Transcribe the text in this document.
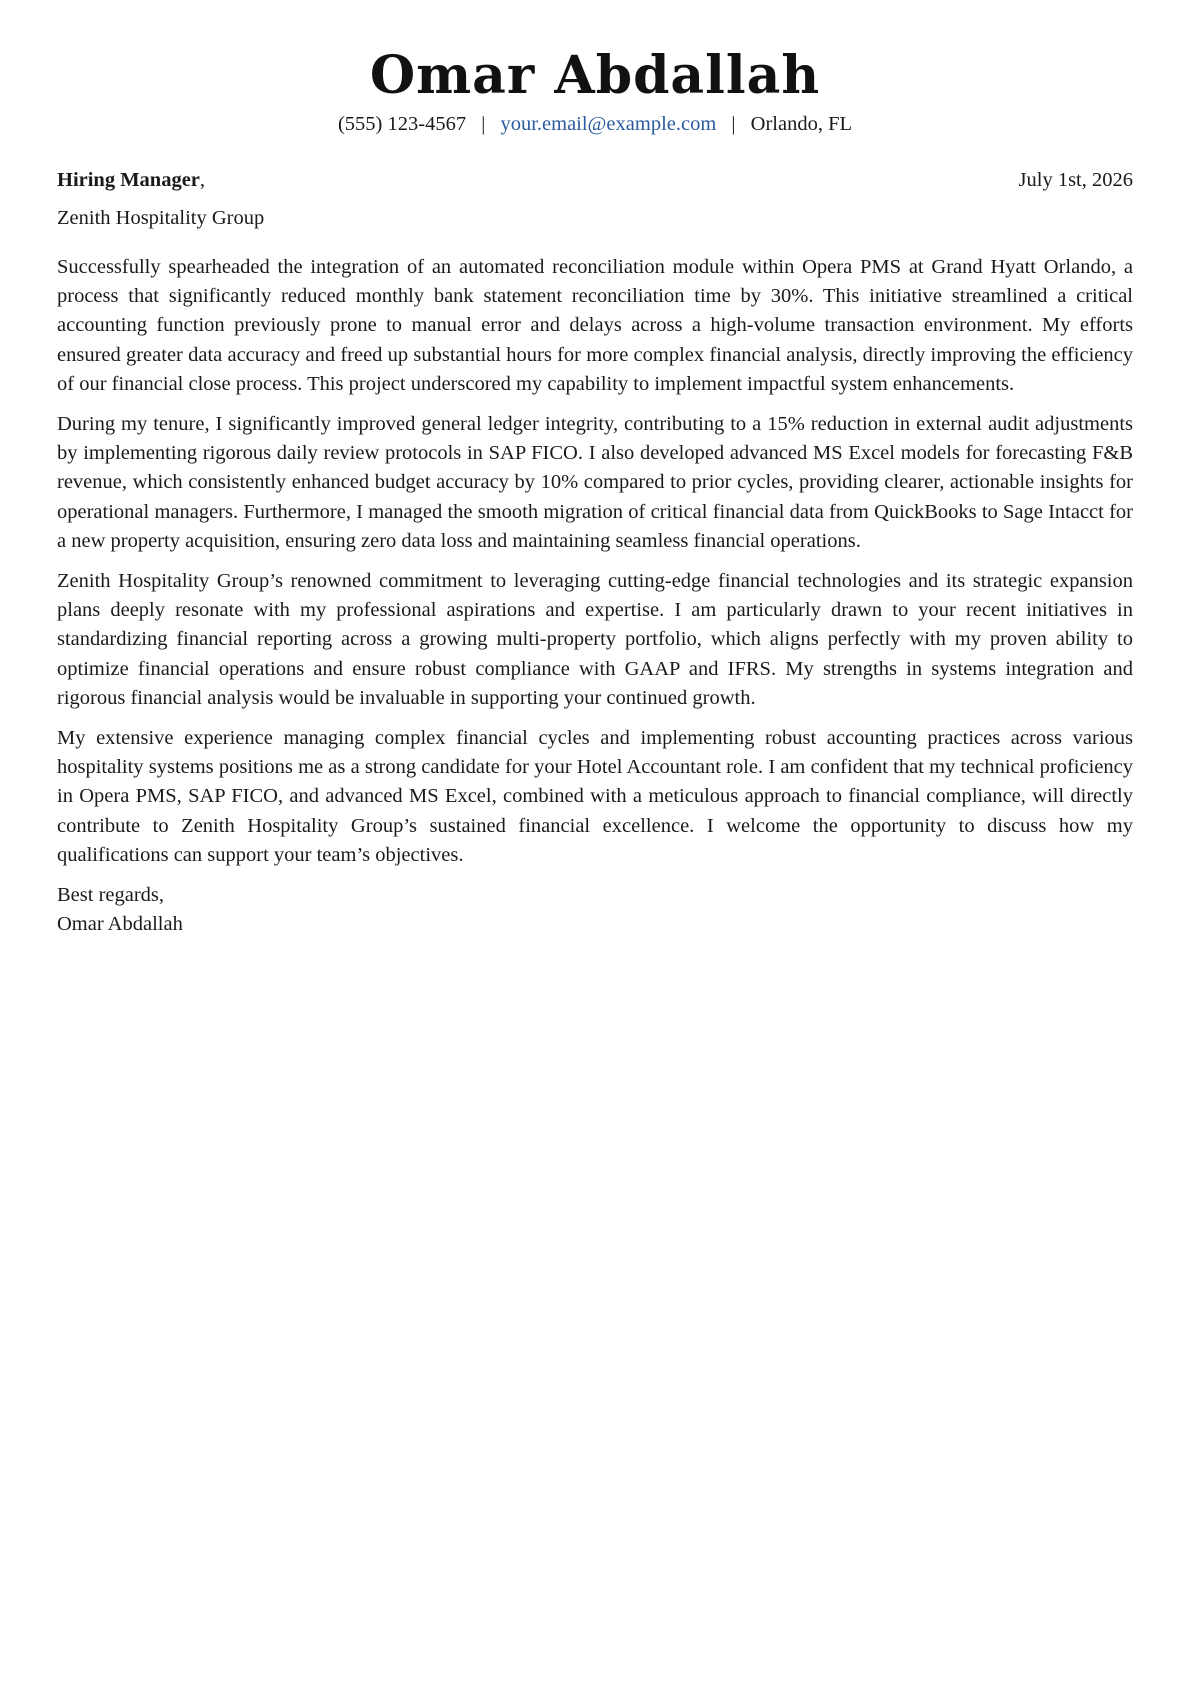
Omar Abdallah
(555) 123-4567 | your.email@example.com | Orlando, FL
Hiring Manager,	July 1st, 2026
Zenith Hospitality Group

Successfully spearheaded the integration of an automated reconciliation module within Opera PMS at Grand Hyatt Orlando, a process that significantly reduced monthly bank statement reconciliation time by 30%. This initiative streamlined a critical accounting function previously prone to manual error and delays across a high-volume transaction environment. My efforts ensured greater data accuracy and freed up substantial hours for more complex financial analysis, directly improving the efficiency of our financial close process. This project underscored my capability to implement impactful system enhancements.

During my tenure, I significantly improved general ledger integrity, contributing to a 15% reduction in external audit adjustments by implementing rigorous daily review protocols in SAP FICO. I also developed advanced MS Excel models for forecasting F&B revenue, which consistently enhanced budget accuracy by 10% compared to prior cycles, providing clearer, actionable insights for operational managers. Furthermore, I managed the smooth migration of critical financial data from QuickBooks to Sage Intacct for a new property acquisition, ensuring zero data loss and maintaining seamless financial operations.

Zenith Hospitality Group’s renowned commitment to leveraging cutting-edge financial technologies and its strategic expansion plans deeply resonate with my professional aspirations and expertise. I am particularly drawn to your recent initiatives in standardizing financial reporting across a growing multi-property portfolio, which aligns perfectly with my proven ability to optimize financial operations and ensure robust compliance with GAAP and IFRS. My strengths in systems integration and rigorous financial analysis would be invaluable in supporting your continued growth.

My extensive experience managing complex financial cycles and implementing robust accounting practices across various hospitality systems positions me as a strong candidate for your Hotel Accountant role. I am confident that my technical proficiency in Opera PMS, SAP FICO, and advanced MS Excel, combined with a meticulous approach to financial compliance, will directly contribute to Zenith Hospitality Group’s sustained financial excellence. I welcome the opportunity to discuss how my qualifications can support your team’s objectives.

Best regards,
Omar Abdallah
